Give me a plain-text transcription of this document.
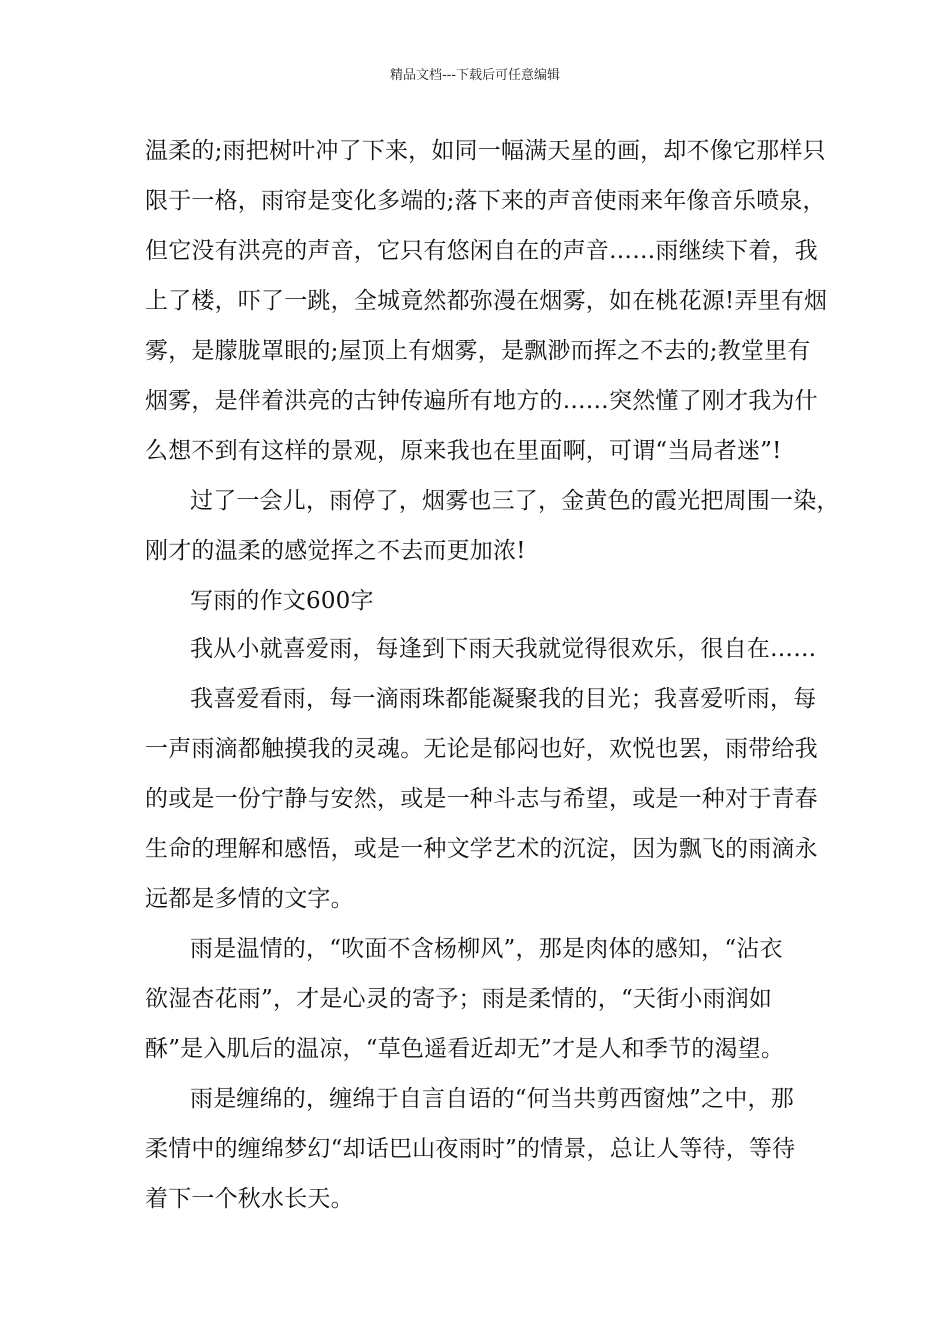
精品文档---下载后可任意编辑
温柔的;雨把树叶冲了下来，如同一幅满天星的画，却不像它那样只
限于一格，雨帘是变化多端的;落下来的声音使雨来年像音乐喷泉，
但它没有洪亮的声音，它只有悠闲自在的声音……雨继续下着，我
上了楼，吓了一跳，全城竟然都弥漫在烟雾，如在桃花源!弄里有烟
雾，是朦胧罩眼的;屋顶上有烟雾，是飘渺而挥之不去的;教堂里有
烟雾，是伴着洪亮的古钟传遍所有地方的……突然懂了刚才我为什
么想不到有这样的景观，原来我也在里面啊，可谓“当局者迷”!
过了一会儿，雨停了，烟雾也三了，金黄色的霞光把周围一染，
刚才的温柔的感觉挥之不去而更加浓!
写雨的作文600字
我从小就喜爱雨，每逢到下雨天我就觉得很欢乐，很自在……
我喜爱看雨，每一滴雨珠都能凝聚我的目光；我喜爱听雨，每
一声雨滴都触摸我的灵魂。无论是郁闷也好，欢悦也罢，雨带给我
的或是一份宁静与安然，或是一种斗志与希望，或是一种对于青春
生命的理解和感悟，或是一种文学艺术的沉淀，因为飘飞的雨滴永
远都是多情的文字。
雨是温情的，“吹面不含杨柳风”，那是肉体的感知，“沾衣
欲湿杏花雨”，才是心灵的寄予；雨是柔情的，“天街小雨润如
酥”是入肌后的温凉，“草色遥看近却无”才是人和季节的渴望。
雨是缠绵的，缠绵于自言自语的“何当共剪西窗烛”之中，那
柔情中的缠绵梦幻“却话巴山夜雨时”的情景，总让人等待，等待
着下一个秋水长天。
